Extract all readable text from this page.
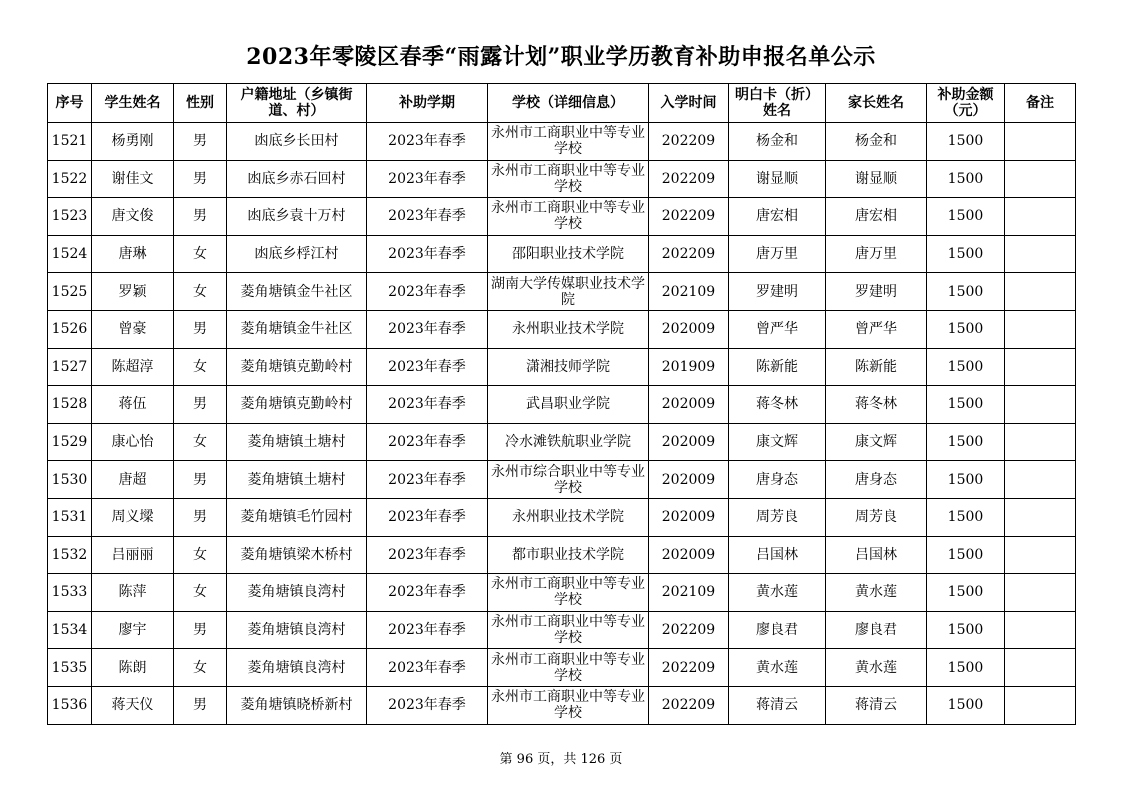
2023年零陵区春季“雨露计划”职业学历教育补助申报名单公示
序号	学生姓名	性别	户籍地址（乡镇街道、村）	补助学期	学校（详细信息）	入学时间	明白卡（折）姓名	家长姓名	补助金额（元）	备注
1521	杨勇刚	男	凼底乡长田村	2023年春季	永州市工商职业中等专业学校	202209	杨金和	杨金和	1500	
1522	谢佳文	男	凼底乡赤石回村	2023年春季	永州市工商职业中等专业学校	202209	谢显顺	谢显顺	1500	
1523	唐文俊	男	凼底乡袁十万村	2023年春季	永州市工商职业中等专业学校	202209	唐宏相	唐宏相	1500	
1524	唐琳	女	凼底乡桴江村	2023年春季	邵阳职业技术学院	202209	唐万里	唐万里	1500	
1525	罗颖	女	菱角塘镇金牛社区	2023年春季	湖南大学传媒职业技术学院	202109	罗建明	罗建明	1500	
1526	曾豪	男	菱角塘镇金牛社区	2023年春季	永州职业技术学院	202009	曾严华	曾严华	1500	
1527	陈超淳	女	菱角塘镇克勤岭村	2023年春季	潇湘技师学院	201909	陈新能	陈新能	1500	
1528	蒋伍	男	菱角塘镇克勤岭村	2023年春季	武昌职业学院	202009	蒋冬林	蒋冬林	1500	
1529	康心怡	女	菱角塘镇土塘村	2023年春季	冷水滩铁航职业学院	202009	康文辉	康文辉	1500	
1530	唐超	男	菱角塘镇土塘村	2023年春季	永州市综合职业中等专业学校	202009	唐身态	唐身态	1500	
1531	周义墚	男	菱角塘镇毛竹园村	2023年春季	永州职业技术学院	202009	周芳良	周芳良	1500	
1532	吕丽丽	女	菱角塘镇梁木桥村	2023年春季	都市职业技术学院	202009	吕国林	吕国林	1500	
1533	陈萍	女	菱角塘镇良湾村	2023年春季	永州市工商职业中等专业学校	202109	黄水莲	黄水莲	1500	
1534	廖宇	男	菱角塘镇良湾村	2023年春季	永州市工商职业中等专业学校	202209	廖良君	廖良君	1500	
1535	陈朗	女	菱角塘镇良湾村	2023年春季	永州市工商职业中等专业学校	202209	黄水莲	黄水莲	1500	
1536	蒋天仪	男	菱角塘镇晓桥新村	2023年春季	永州市工商职业中等专业学校	202209	蒋清云	蒋清云	1500	
第 96 页，共 126 页
